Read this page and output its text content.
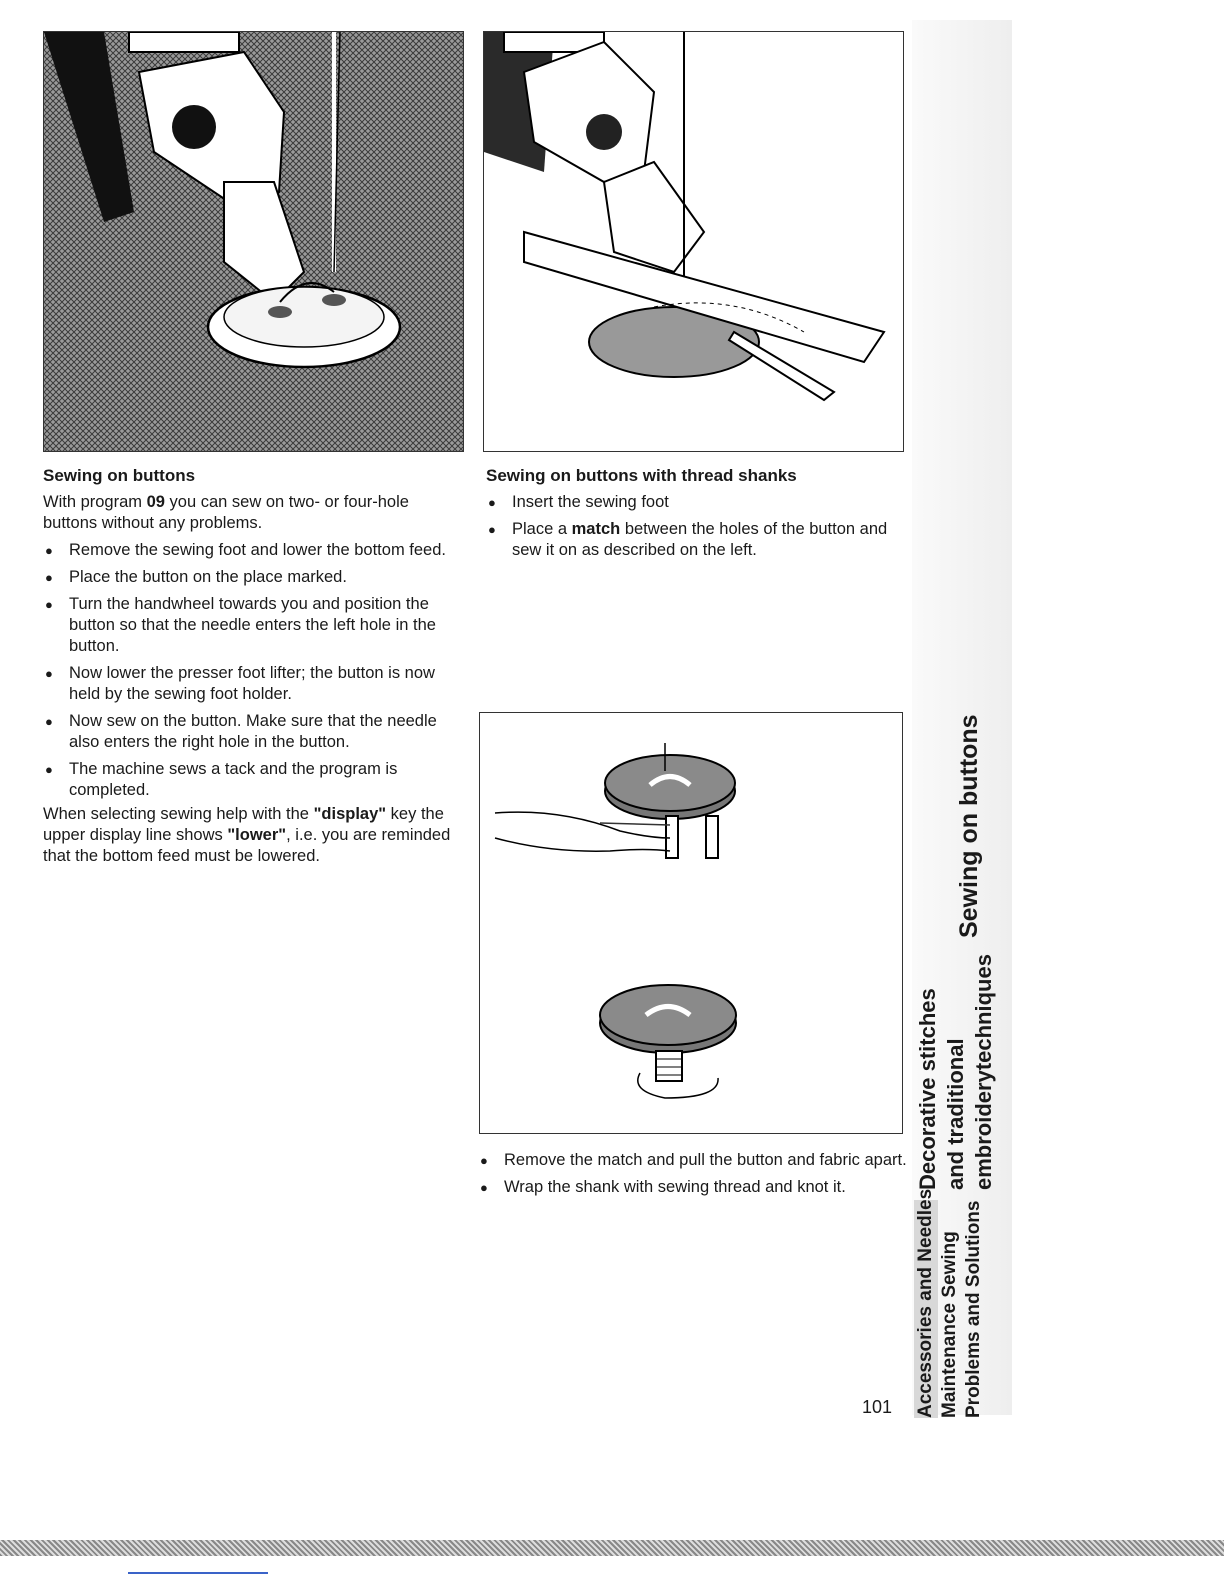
Sewing on buttons

With program 09 you can sew on two- or four-hole buttons without any problems.

● Remove the sewing foot and lower the bottom feed.
● Place the button on the place marked.
● Turn the handwheel towards you and position the button so that the needle enters the left hole in the button.
● Now lower the presser foot lifter; the button is now held by the sewing foot holder.
● Now sew on the button. Make sure that the needle also enters the right hole in the button.
● The machine sews a tack and the program is completed.

When selecting sewing help with the "display" key the upper display line shows "lower", i.e. you are reminded that the bottom feed must be lowered.

Sewing on buttons with thread shanks
● Insert the sewing foot
● Place a match between the holes of the button and sew it on as described on the left.
● Remove the match and pull the button and fabric apart.
● Wrap the shank with sewing thread and knot it.
101
Sewing on buttons
Decorative stitches and traditional embroiderytechniques
Accessories and Needles Maintenance Sewing Problems and Solutions
